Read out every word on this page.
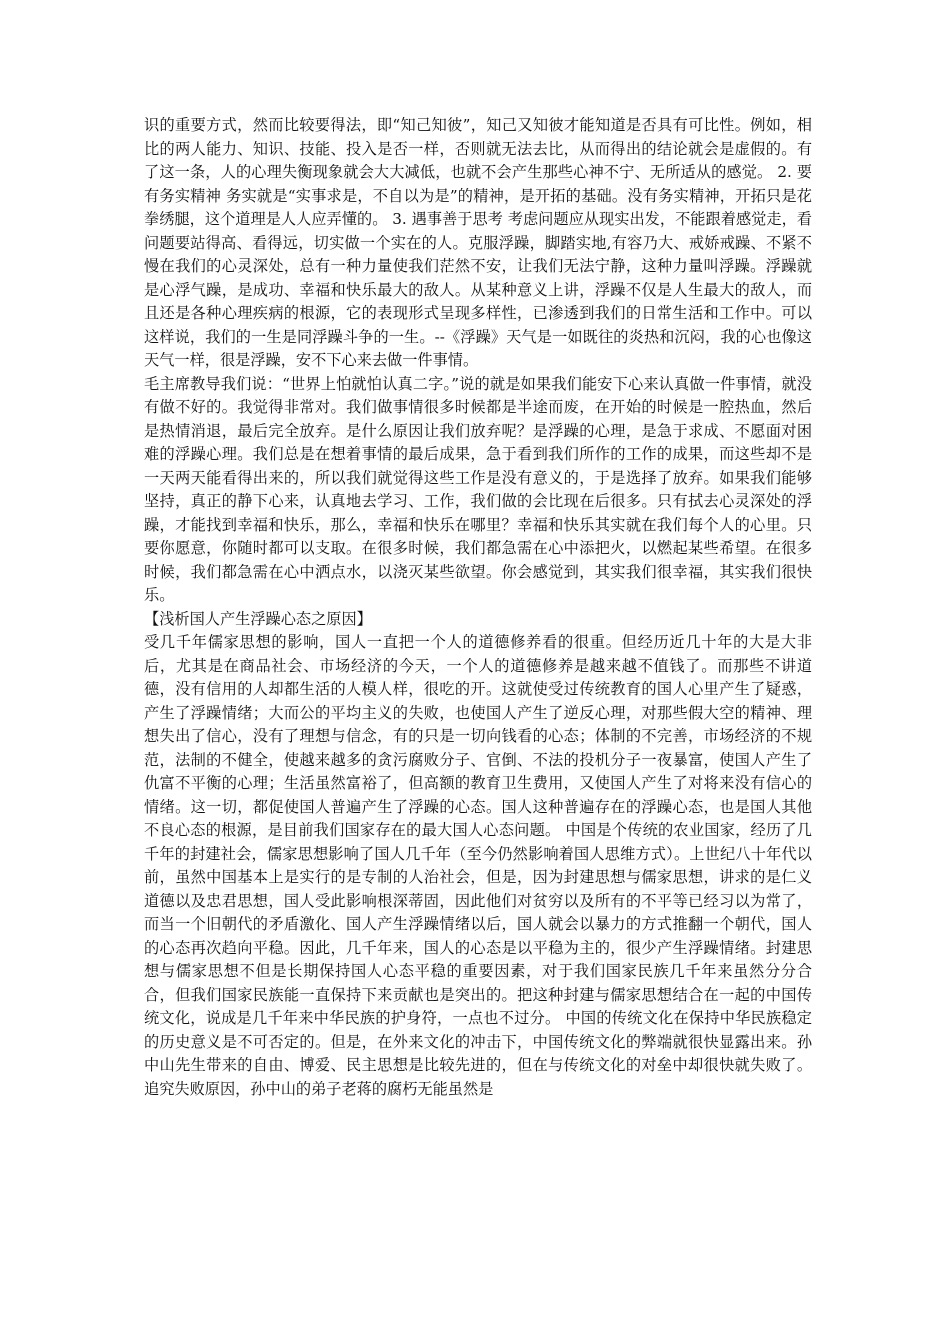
识的重要方式，然而比较要得法，即“知己知彼”，知己又知彼才能知道是否具有可比性。例如，相比的两人能力、知识、技能、投入是否一样，否则就无法去比，从而得出的结论就会是虚假的。有了这一条，人的心理失衡现象就会大大减低，也就不会产生那些心神不宁、无所适从的感觉。 2. 要有务实精神 务实就是“实事求是，不自以为是”的精神，是开拓的基础。没有务实精神，开拓只是花拳绣腿，这个道理是人人应弄懂的。 3. 遇事善于思考 考虑问题应从现实出发，不能跟着感觉走，看问题要站得高、看得远，切实做一个实在的人。克服浮躁，脚踏实地,有容乃大、戒娇戒躁、不紧不慢在我们的心灵深处，总有一种力量使我们茫然不安，让我们无法宁静，这种力量叫浮躁。浮躁就是心浮气躁，是成功、幸福和快乐最大的敌人。从某种意义上讲，浮躁不仅是人生最大的敌人，而且还是各种心理疾病的根源，它的表现形式呈现多样性，已渗透到我们的日常生活和工作中。可以这样说，我们的一生是同浮躁斗争的一生。--《浮躁》天气是一如既往的炎热和沉闷，我的心也像这天气一样，很是浮躁，安不下心来去做一件事情。

毛主席教导我们说：“世界上怕就怕认真二字。”说的就是如果我们能安下心来认真做一件事情，就没有做不好的。我觉得非常对。我们做事情很多时候都是半途而废，在开始的时候是一腔热血，然后是热情消退，最后完全放弃。是什么原因让我们放弃呢？是浮躁的心理，是急于求成、不愿面对困难的浮躁心理。我们总是在想着事情的最后成果，急于看到我们所作的工作的成果，而这些却不是一天两天能看得出来的，所以我们就觉得这些工作是没有意义的，于是选择了放弃。如果我们能够坚持，真正的静下心来，认真地去学习、工作，我们做的会比现在后很多。只有拭去心灵深处的浮躁，才能找到幸福和快乐，那么，幸福和快乐在哪里？幸福和快乐其实就在我们每个人的心里。只要你愿意，你随时都可以支取。在很多时候，我们都急需在心中添把火，以燃起某些希望。在很多时候，我们都急需在心中洒点水，以浇灭某些欲望。你会感觉到，其实我们很幸福，其实我们很快乐。

【浅析国人产生浮躁心态之原因】

受几千年儒家思想的影响，国人一直把一个人的道德修养看的很重。但经历近几十年的大是大非后，尤其是在商品社会、市场经济的今天，一个人的道德修养是越来越不值钱了。而那些不讲道德，没有信用的人却都生活的人模人样，很吃的开。这就使受过传统教育的国人心里产生了疑惑，产生了浮躁情绪；大而公的平均主义的失败，也使国人产生了逆反心理，对那些假大空的精神、理想失出了信心，没有了理想与信念，有的只是一切向钱看的心态；体制的不完善，市场经济的不规范，法制的不健全，使越来越多的贪污腐败分子、官倒、不法的投机分子一夜暴富，使国人产生了仇富不平衡的心理；生活虽然富裕了，但高额的教育卫生费用，又使国人产生了对将来没有信心的情绪。这一切，都促使国人普遍产生了浮躁的心态。国人这种普遍存在的浮躁心态，也是国人其他不良心态的根源，是目前我们国家存在的最大国人心态问题。 中国是个传统的农业国家，经历了几千年的封建社会，儒家思想影响了国人几千年（至今仍然影响着国人思维方式）。上世纪八十年代以前，虽然中国基本上是实行的是专制的人治社会，但是，因为封建思想与儒家思想，讲求的是仁义道德以及忠君思想，国人受此影响根深蒂固，因此他们对贫穷以及所有的不平等已经习以为常了，而当一个旧朝代的矛盾激化、国人产生浮躁情绪以后，国人就会以暴力的方式推翻一个朝代，国人的心态再次趋向平稳。因此，几千年来，国人的心态是以平稳为主的，很少产生浮躁情绪。封建思想与儒家思想不但是长期保持国人心态平稳的重要因素，对于我们国家民族几千年来虽然分分合合，但我们国家民族能一直保持下来贡献也是突出的。把这种封建与儒家思想结合在一起的中国传统文化，说成是几千年来中华民族的护身符，一点也不过分。 中国的传统文化在保持中华民族稳定的历史意义是不可否定的。但是，在外来文化的冲击下，中国传统文化的弊端就很快显露出来。孙中山先生带来的自由、博爱、民主思想是比较先进的，但在与传统文化的对垒中却很快就失败了。追究失败原因，孙中山的弟子老蒋的腐朽无能虽然是
